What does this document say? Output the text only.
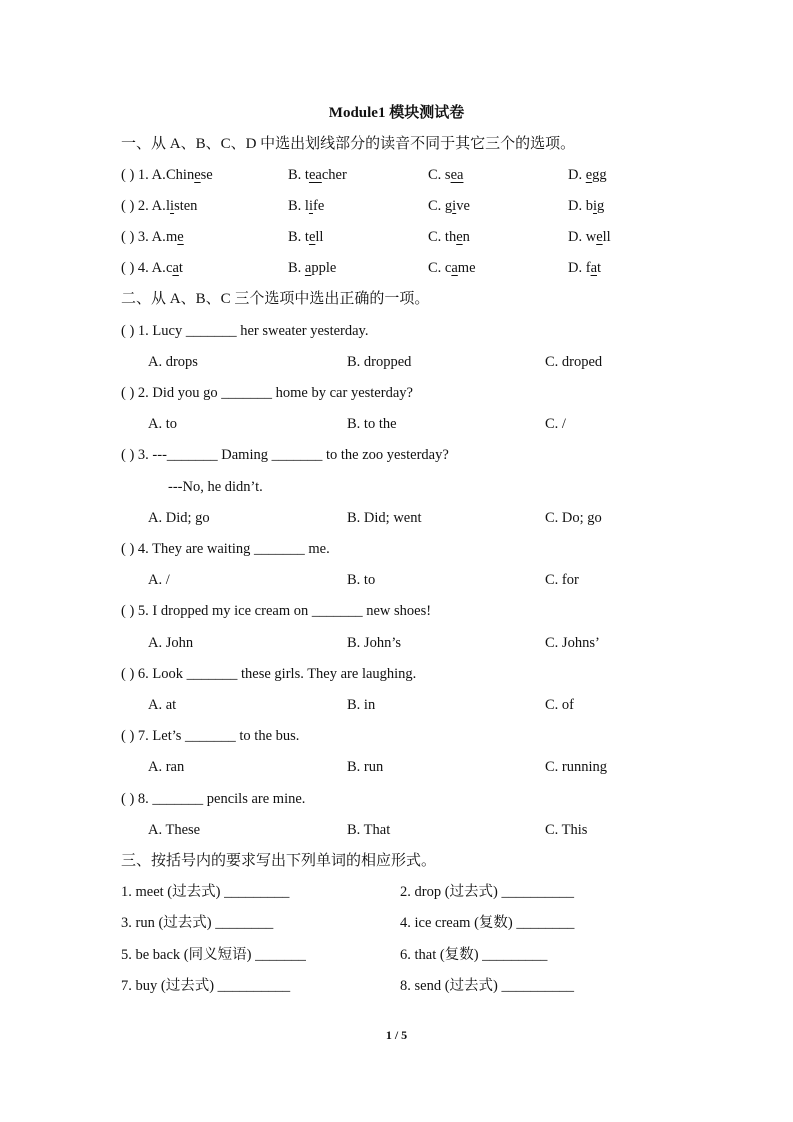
Module1 模块测试卷
一、从 A、B、C、D 中选出划线部分的读音不同于其它三个的选项。
( ) 1. A. Chinese	B. teacher	C. sea	D. egg
( ) 2. A. listen	B. life	C. give	D. big
( ) 3. A. me	B. tell	C. then	D. well
( ) 4. A. cat	B. apple	C. came	D. fat
二、从 A、B、C 三个选项中选出正确的一项。
( ) 1. Lucy _______ her sweater yesterday.
A. drops	B. dropped	C. droped
( ) 2. Did you go _______ home by car yesterday?
A. to	B. to the	C. /
( ) 3. ---_______ Daming _______ to the zoo yesterday?
---No, he didn’t.
A. Did; go	B. Did; went	C. Do; go
( ) 4. They are waiting _______ me.
A. /	B. to	C. for
( ) 5. I dropped my ice cream on _______ new shoes!
A. John	B. John’s	C. Johns’
( ) 6. Look _______ these girls. They are laughing.
A. at	B. in	C. of
( ) 7. Let’s _______ to the bus.
A. ran	B. run	C. running
( ) 8. _______ pencils are mine.
A. These	B. That	C. This
三、按括号内的要求写出下列单词的相应形式。
1. meet (过去式) _________	2. drop (过去式) __________
3. run (过去式) ________	4. ice cream (复数) ________
5. be back (同义短语) _______	6. that (复数) _________
7. buy (过去式) __________	8. send (过去式) __________
1 / 5
